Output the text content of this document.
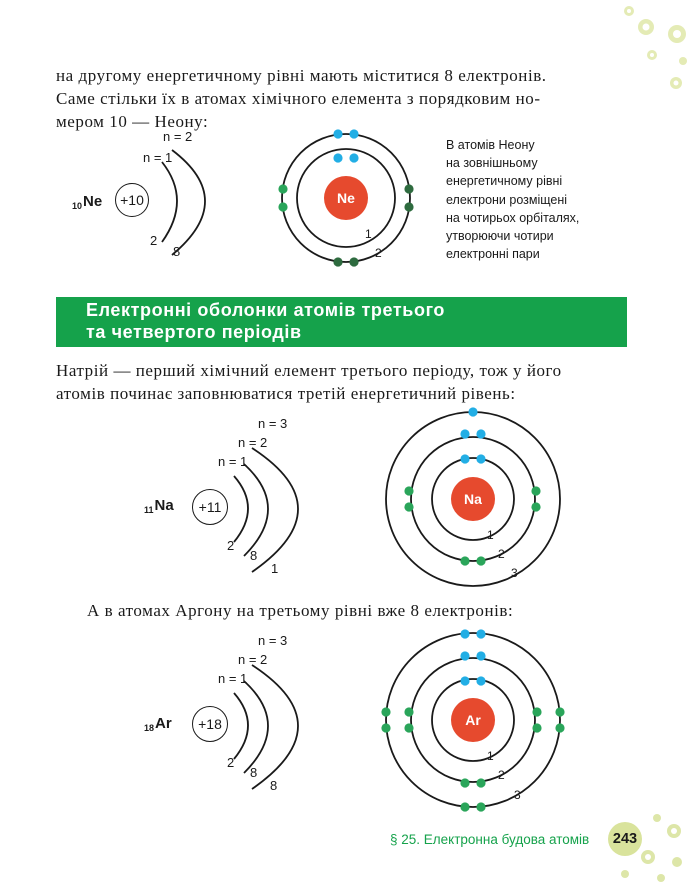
на другому енергетичному рівні мають міститися 8 електронів.
Саме стільки їх в атомах хімічного елемента з порядковим но-
мером 10 — Неону:
n = 2
n = 1
$_{10}$Ne	+10
2
8
Ne
1
2
В атомів Неону
на зовнішньому
енергетичному рівні
електрони розміщені
на чотирьох орбіталях,
утворюючи чотири
електронні пари
Електронні оболонки атомів третього
та четвертого періодів
Натрій — перший хімічний елемент третього періоду, тож у його
атомів починає заповнюватися третій енергетичний рівень:
n = 3
n = 2
n = 1
$_{11}$Na	+11
2
8
1
Na
1
2
3
А в атомах Аргону на третьому рівні вже 8 електронів:
n = 3
n = 2
n = 1
$_{18}$Ar	+18
2
8
8
Ar
1
2
3
§ 25. Електронна будова атомів	243
